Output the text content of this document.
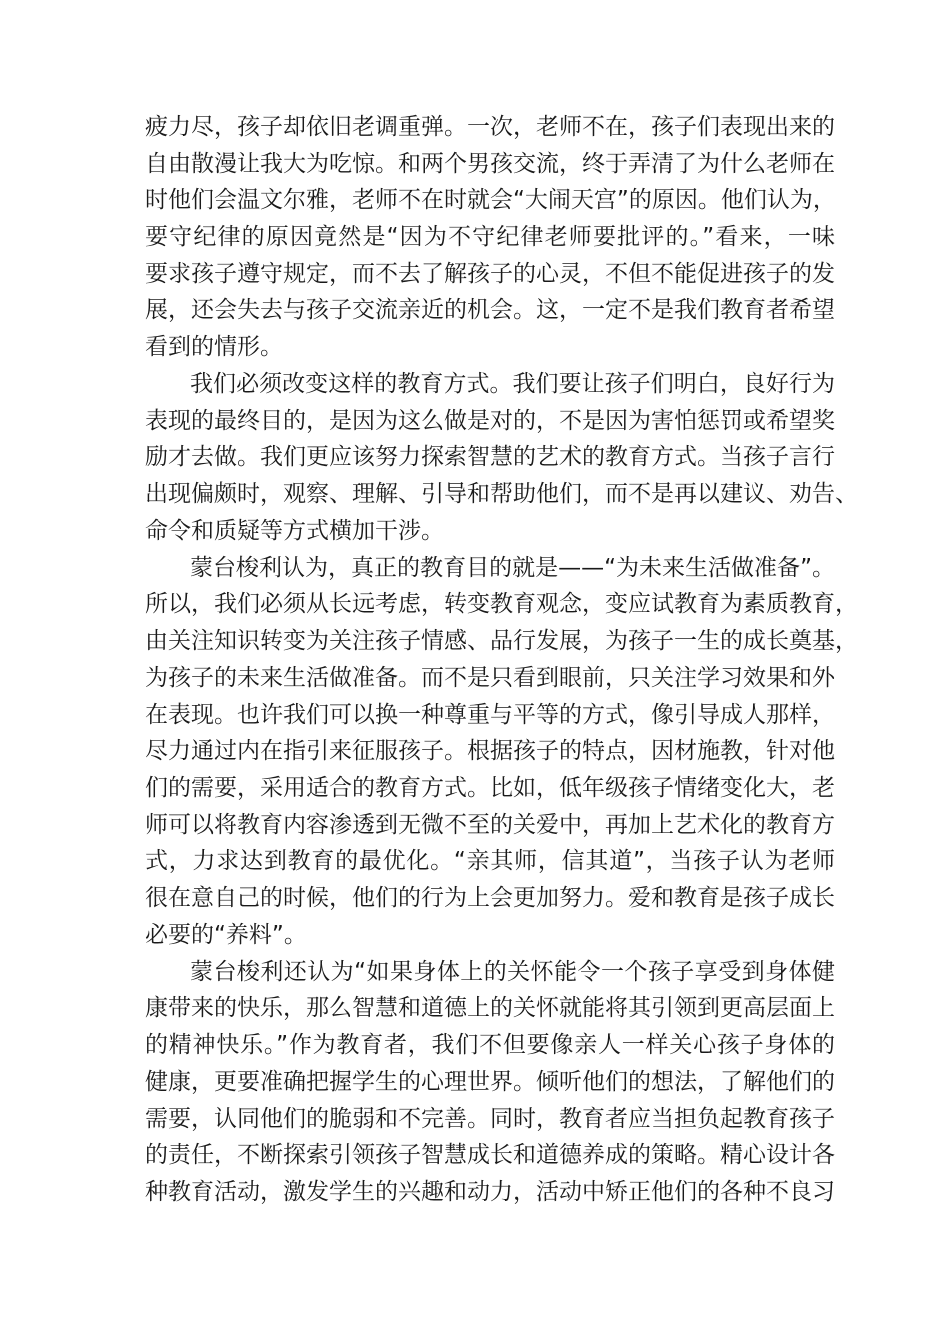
疲力尽，孩子却依旧老调重弹。一次，老师不在，孩子们表现出来的
自由散漫让我大为吃惊。和两个男孩交流，终于弄清了为什么老师在
时他们会温文尔雅，老师不在时就会“大闹天宫”的原因。他们认为，
要守纪律的原因竟然是“因为不守纪律老师要批评的。”看来，一味
要求孩子遵守规定，而不去了解孩子的心灵，不但不能促进孩子的发
展，还会失去与孩子交流亲近的机会。这，一定不是我们教育者希望
看到的情形。
我们必须改变这样的教育方式。我们要让孩子们明白，良好行为
表现的最终目的，是因为这么做是对的，不是因为害怕惩罚或希望奖
励才去做。我们更应该努力探索智慧的艺术的教育方式。当孩子言行
出现偏颇时，观察、理解、引导和帮助他们，而不是再以建议、劝告、
命令和质疑等方式横加干涉。
蒙台梭利认为，真正的教育目的就是——“为未来生活做准备”。
所以，我们必须从长远考虑，转变教育观念，变应试教育为素质教育，
由关注知识转变为关注孩子情感、品行发展，为孩子一生的成长奠基，
为孩子的未来生活做准备。而不是只看到眼前，只关注学习效果和外
在表现。也许我们可以换一种尊重与平等的方式，像引导成人那样，
尽力通过内在指引来征服孩子。根据孩子的特点，因材施教，针对他
们的需要，采用适合的教育方式。比如，低年级孩子情绪变化大，老
师可以将教育内容渗透到无微不至的关爱中，再加上艺术化的教育方
式，力求达到教育的最优化。“亲其师，信其道”，当孩子认为老师
很在意自己的时候，他们的行为上会更加努力。爱和教育是孩子成长
必要的“养料”。
蒙台梭利还认为“如果身体上的关怀能令一个孩子享受到身体健
康带来的快乐，那么智慧和道德上的关怀就能将其引领到更高层面上
的精神快乐。”作为教育者，我们不但要像亲人一样关心孩子身体的
健康，更要准确把握学生的心理世界。倾听他们的想法，了解他们的
需要，认同他们的脆弱和不完善。同时，教育者应当担负起教育孩子
的责任，不断探索引领孩子智慧成长和道德养成的策略。精心设计各
种教育活动，激发学生的兴趣和动力，活动中矫正他们的各种不良习
